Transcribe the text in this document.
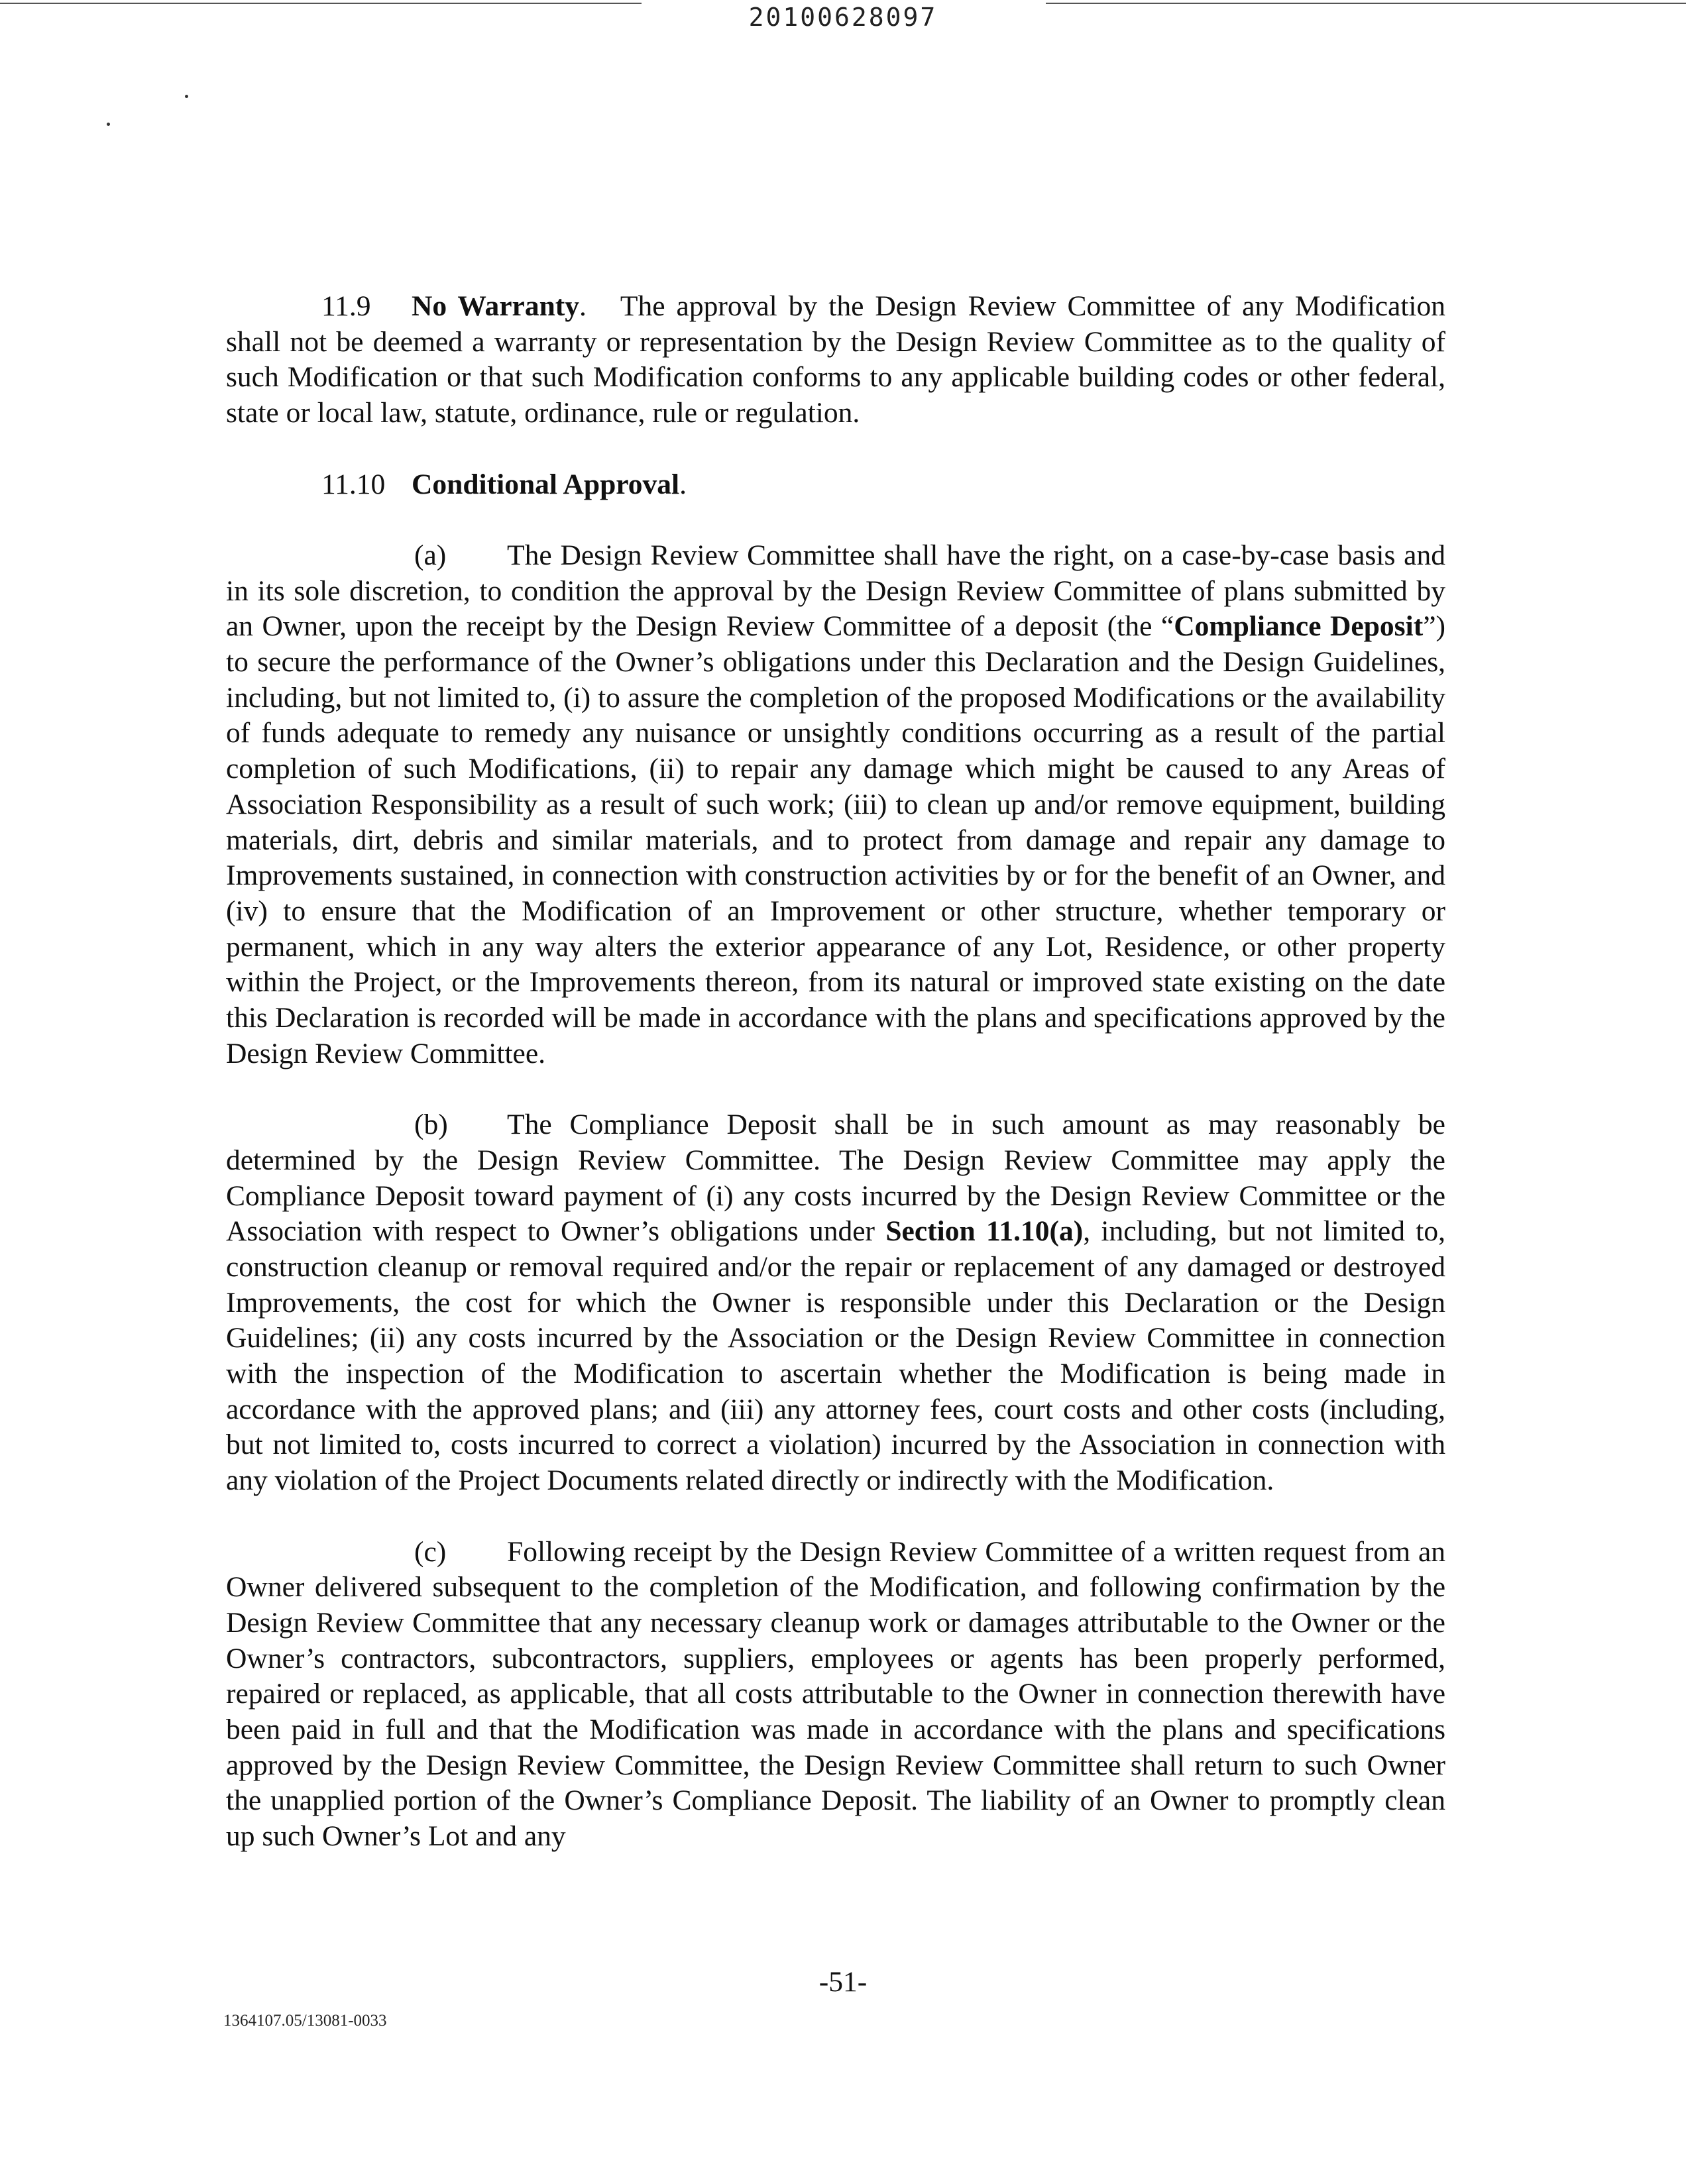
20100628097

11.9 No Warranty. The approval by the Design Review Committee of any Modification shall not be deemed a warranty or representation by the Design Review Committee as to the quality of such Modification or that such Modification conforms to any applicable building codes or other federal, state or local law, statute, ordinance, rule or regulation.

11.10 Conditional Approval.

(a) The Design Review Committee shall have the right, on a case-by-case basis and in its sole discretion, to condition the approval by the Design Review Committee of plans submitted by an Owner, upon the receipt by the Design Review Committee of a deposit (the “Compliance Deposit”) to secure the performance of the Owner’s obligations under this Declaration and the Design Guidelines, including, but not limited to, (i) to assure the completion of the proposed Modifications or the availability of funds adequate to remedy any nuisance or unsightly conditions occurring as a result of the partial completion of such Modifications, (ii) to repair any damage which might be caused to any Areas of Association Responsibility as a result of such work; (iii) to clean up and/or remove equipment, building materials, dirt, debris and similar materials, and to protect from damage and repair any damage to Improvements sustained, in connection with construction activities by or for the benefit of an Owner, and (iv) to ensure that the Modification of an Improvement or other structure, whether temporary or permanent, which in any way alters the exterior appearance of any Lot, Residence, or other property within the Project, or the Improvements thereon, from its natural or improved state existing on the date this Declaration is recorded will be made in accordance with the plans and specifications approved by the Design Review Committee.

(b) The Compliance Deposit shall be in such amount as may reasonably be determined by the Design Review Committee. The Design Review Committee may apply the Compliance Deposit toward payment of (i) any costs incurred by the Design Review Committee or the Association with respect to Owner’s obligations under Section 11.10(a), including, but not limited to, construction cleanup or removal required and/or the repair or replacement of any damaged or destroyed Improvements, the cost for which the Owner is responsible under this Declaration or the Design Guidelines; (ii) any costs incurred by the Association or the Design Review Committee in connection with the inspection of the Modification to ascertain whether the Modification is being made in accordance with the approved plans; and (iii) any attorney fees, court costs and other costs (including, but not limited to, costs incurred to correct a violation) incurred by the Association in connection with any violation of the Project Documents related directly or indirectly with the Modification.

(c) Following receipt by the Design Review Committee of a written request from an Owner delivered subsequent to the completion of the Modification, and following confirmation by the Design Review Committee that any necessary cleanup work or damages attributable to the Owner or the Owner’s contractors, subcontractors, suppliers, employees or agents has been properly performed, repaired or replaced, as applicable, that all costs attributable to the Owner in connection therewith have been paid in full and that the Modification was made in accordance with the plans and specifications approved by the Design Review Committee, the Design Review Committee shall return to such Owner the unapplied portion of the Owner’s Compliance Deposit. The liability of an Owner to promptly clean up such Owner’s Lot and any

-51-
1364107.05/13081-0033
